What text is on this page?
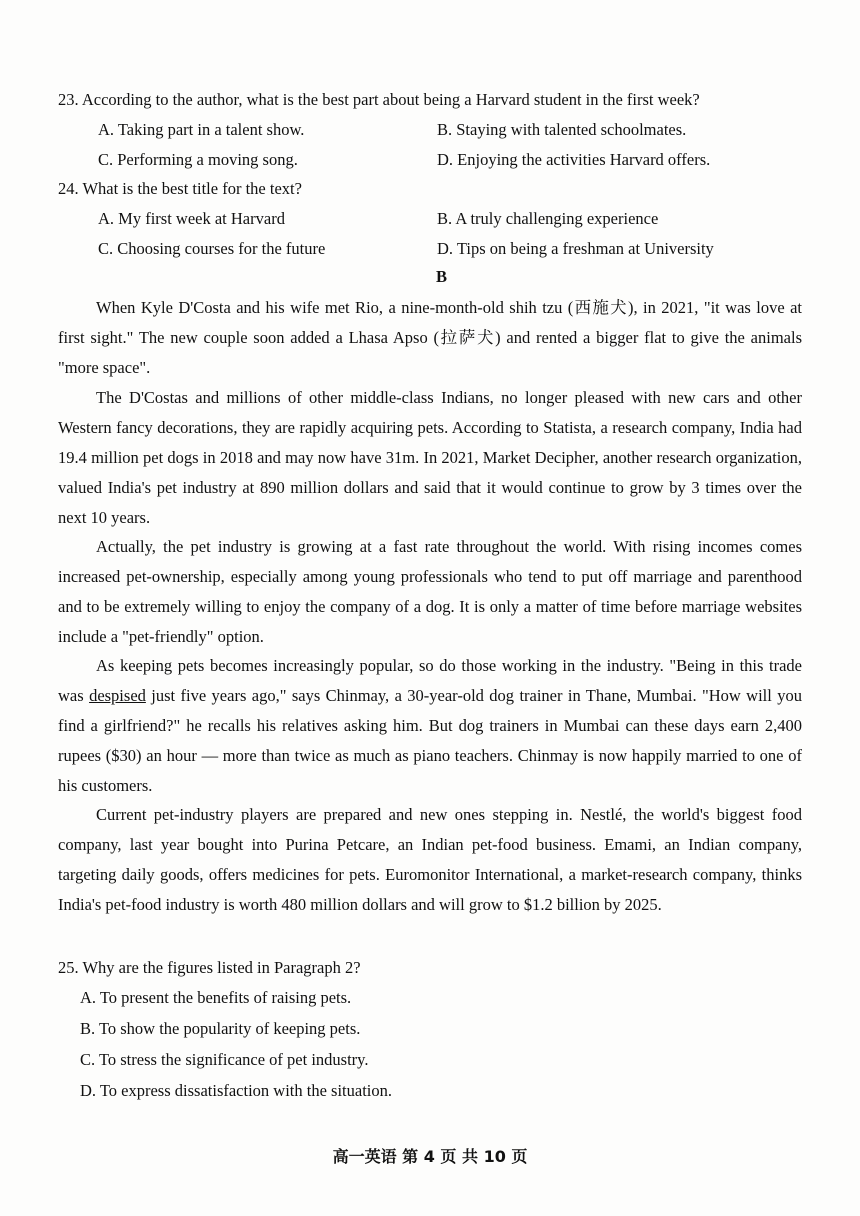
23. According to the author, what is the best part about being a Harvard student in the first week?
A. Taking part in a talent show.	B. Staying with talented schoolmates.
C. Performing a moving song.	D. Enjoying the activities Harvard offers.
24. What is the best title for the text?
A. My first week at Harvard	B. A truly challenging experience
C. Choosing courses for the future	D. Tips on being a freshman at University
B
When Kyle D'Costa and his wife met Rio, a nine-month-old shih tzu (西施犬), in 2021, "it was love at first sight." The new couple soon added a Lhasa Apso (拉萨犬) and rented a bigger flat to give the animals "more space".
The D'Costas and millions of other middle-class Indians, no longer pleased with new cars and other Western fancy decorations, they are rapidly acquiring pets. According to Statista, a research company, India had 19.4 million pet dogs in 2018 and may now have 31m. In 2021, Market Decipher, another research organization, valued India's pet industry at 890 million dollars and said that it would continue to grow by 3 times over the next 10 years.
Actually, the pet industry is growing at a fast rate throughout the world. With rising incomes comes increased pet-ownership, especially among young professionals who tend to put off marriage and parenthood and to be extremely willing to enjoy the company of a dog. It is only a matter of time before marriage websites include a "pet-friendly" option.
As keeping pets becomes increasingly popular, so do those working in the industry. "Being in this trade was despised just five years ago," says Chinmay, a 30-year-old dog trainer in Thane, Mumbai. "How will you find a girlfriend?" he recalls his relatives asking him. But dog trainers in Mumbai can these days earn 2,400 rupees ($30) an hour — more than twice as much as piano teachers. Chinmay is now happily married to one of his customers.
Current pet-industry players are prepared and new ones stepping in. Nestlé, the world's biggest food company, last year bought into Purina Petcare, an Indian pet-food business. Emami, an Indian company, targeting daily goods, offers medicines for pets. Euromonitor International, a market-research company, thinks India's pet-food industry is worth 480 million dollars and will grow to $1.2 billion by 2025.
25. Why are the figures listed in Paragraph 2?
A. To present the benefits of raising pets.
B. To show the popularity of keeping pets.
C. To stress the significance of pet industry.
D. To express dissatisfaction with the situation.
高一英语 第 4 页 共 10 页
